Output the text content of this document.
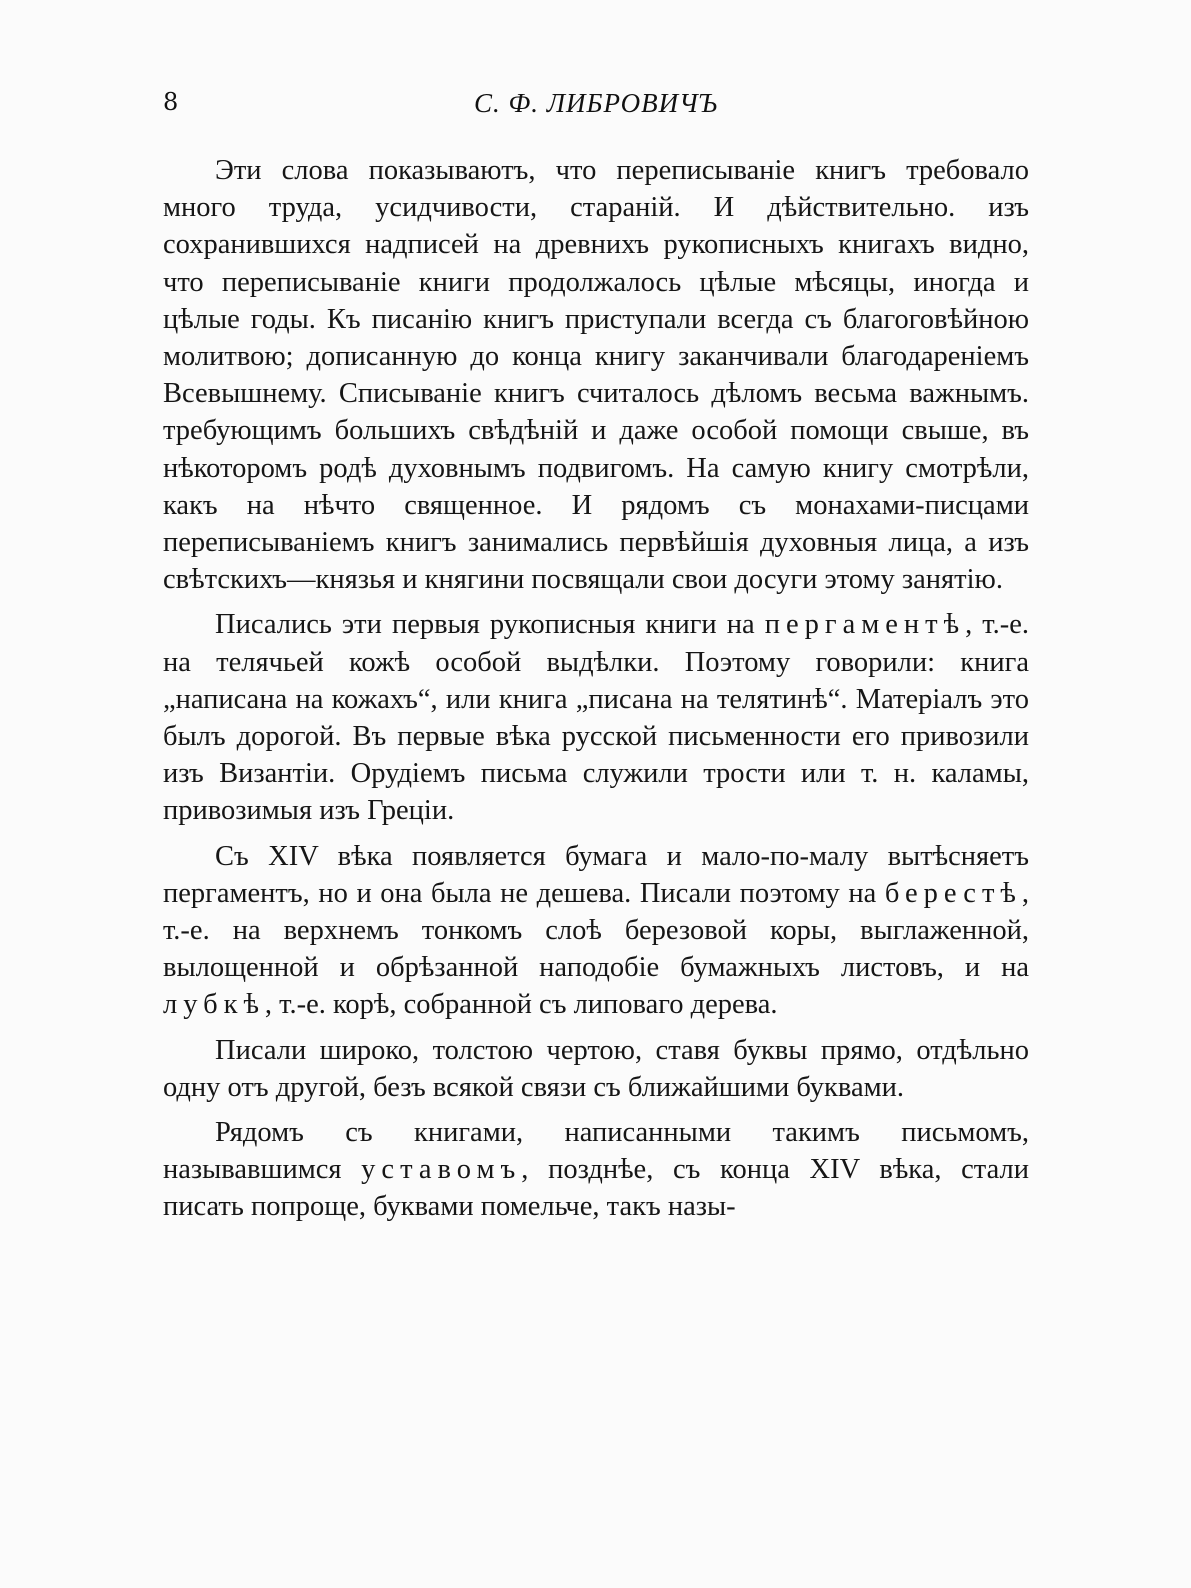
8	С. Ф. ЛИБРОВИЧЪ

Эти слова показываютъ, что переписываніе книгъ требовало много труда, усидчивости, стараній. И дѣйствительно. изъ сохранившихся надписей на древнихъ рукописныхъ книгахъ видно, что переписываніе книги продолжалось цѣлые мѣсяцы, иногда и цѣлые годы. Къ писанію книгъ приступали всегда съ благоговѣйною молитвою; дописанную до конца книгу заканчивали благодареніемъ Всевышнему. Списываніе книгъ считалось дѣломъ весьма важнымъ. требующимъ большихъ свѣдѣній и даже особой помощи свыше, въ нѣкоторомъ родѣ духовнымъ подвигомъ. На самую книгу смотрѣли, какъ на нѣчто священное. И рядомъ съ монахами-писцами переписываніемъ книгъ занимались первѣйшія духовныя лица, а изъ свѣтскихъ—князья и княгини посвящали свои досуги этому занятію.

Писались эти первыя рукописныя книги на пергаментѣ, т.-е. на телячьей кожѣ особой выдѣлки. Поэтому говорили: книга „написана на кожахъ“, или книга „писана на телятинѣ“. Матеріалъ это былъ дорогой. Въ первые вѣка русской письменности его привозили изъ Византіи. Орудіемъ письма служили трости или т. н. каламы, привозимыя изъ Греціи.

Съ XIV вѣка появляется бумага и мало-по-малу вытѣсняетъ пергаментъ, но и она была не дешева. Писали поэтому на берестѣ, т.-е. на верхнемъ тонкомъ слоѣ березовой коры, выглаженной, вылощенной и обрѣзанной наподобіе бумажныхъ листовъ, и на лубкѣ, т.-е. корѣ, собранной съ липоваго дерева.

Писали широко, толстою чертою, ставя буквы прямо, отдѣльно одну отъ другой, безъ всякой связи съ ближайшими буквами.

Рядомъ съ книгами, написанными такимъ письмомъ, называвшимся уставомъ, позднѣе, съ конца XIV вѣка, стали писать попроще, буквами помельче, такъ назы-
